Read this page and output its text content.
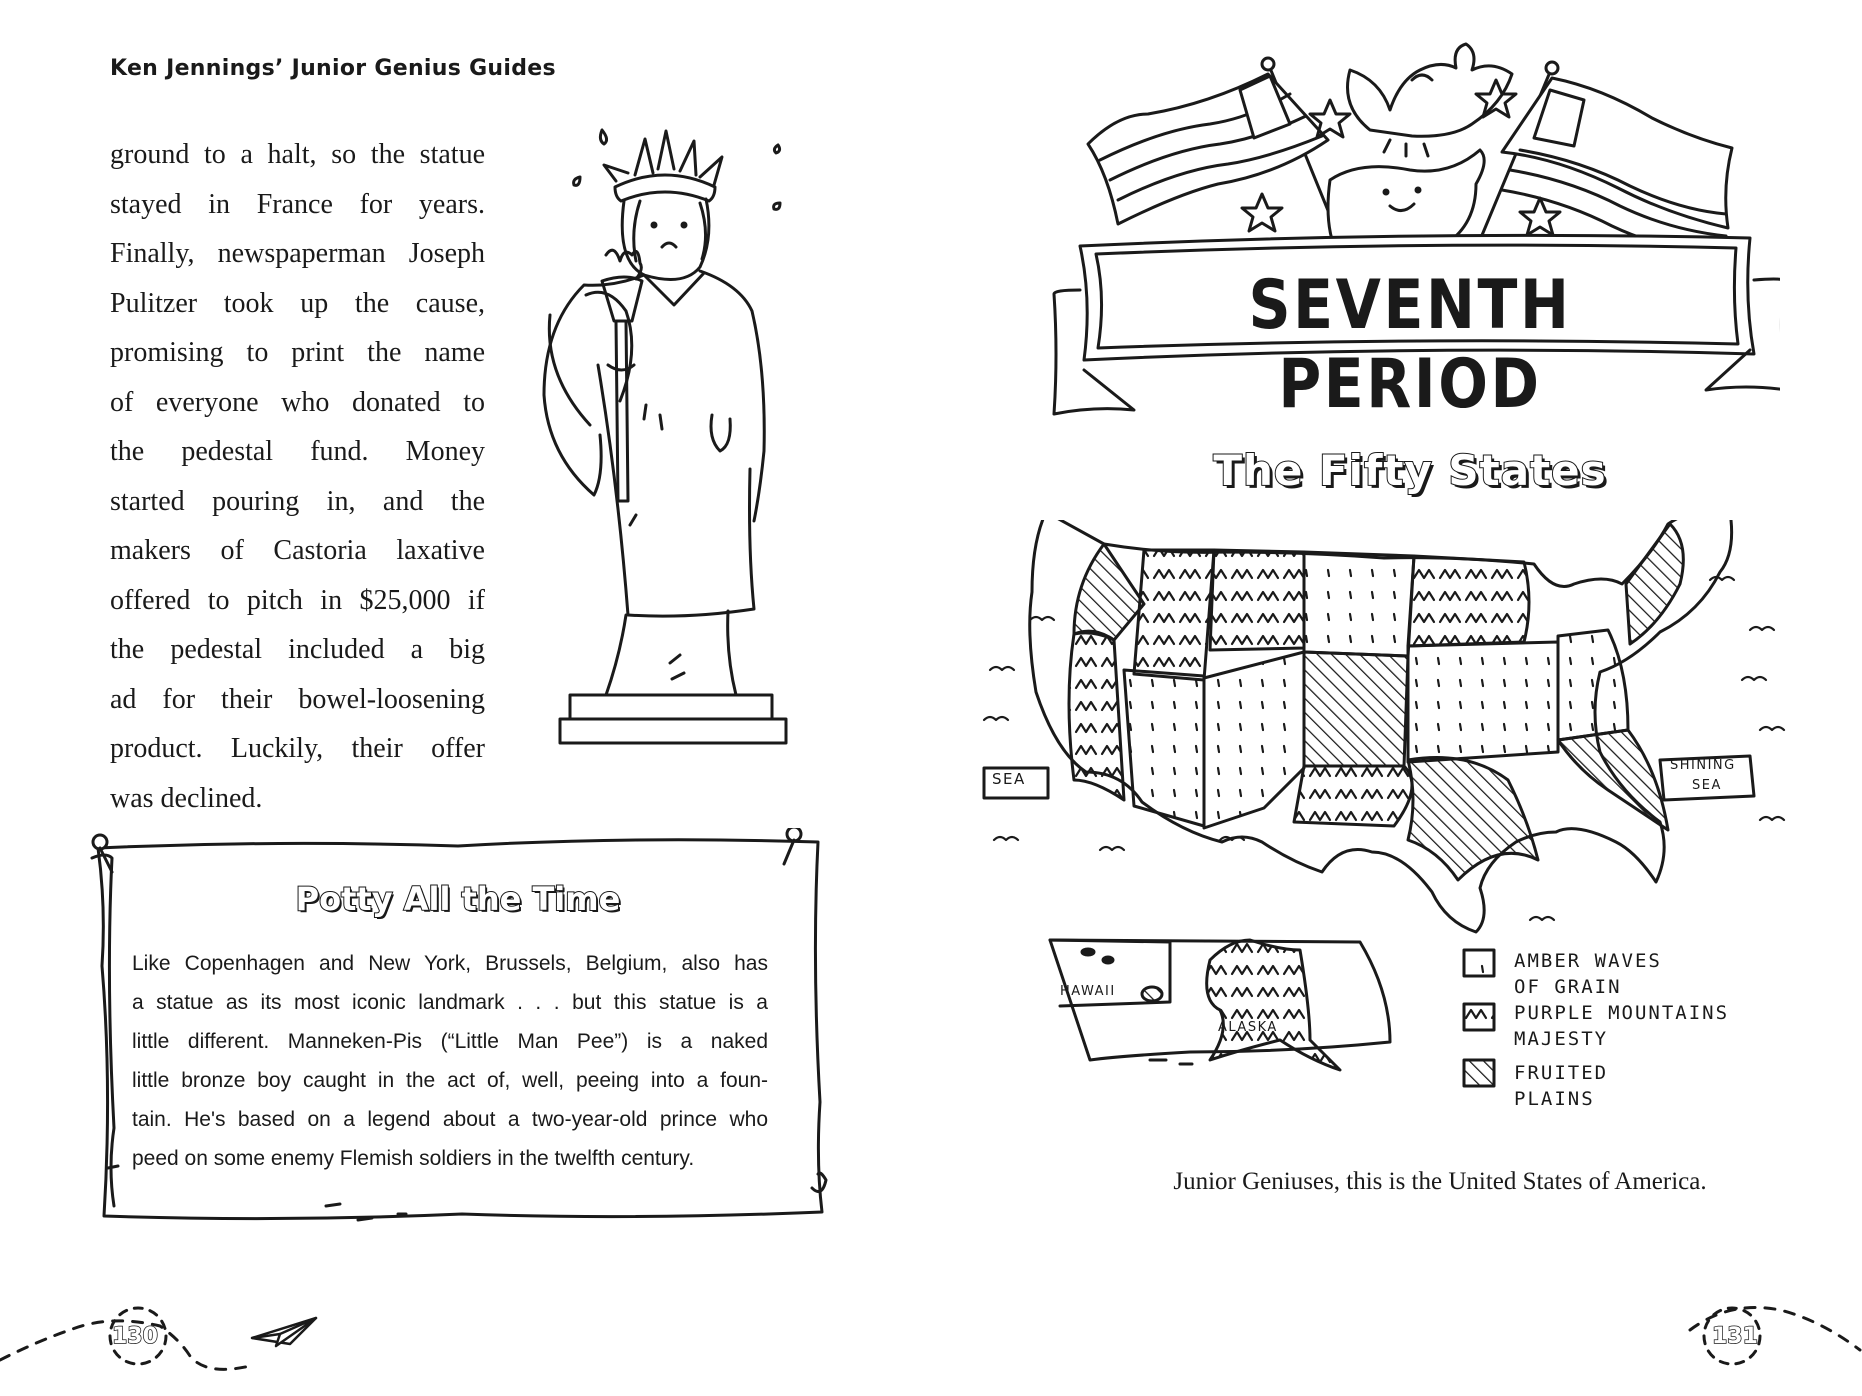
Ken Jennings’ Junior Genius Guides
ground to a halt, so the statue
stayed in France for years.
Finally, newspaperman Joseph
Pulitzer took up the cause,
promising to print the name
of everyone who donated to
the pedestal fund. Money
started pouring in, and the
makers of Castoria laxative
offered to pitch in $25,000 if
the pedestal included a big
ad for their bowel-loosening
product. Luckily, their offer
was declined.
Potty All the Time
Like Copenhagen and New York, Brussels, Belgium, also has
a statue as its most iconic landmark . . . but this statue is a
little different. Manneken-Pis (“Little Man Pee”) is a naked
little bronze boy caught in the act of, well, peeing into a foun-
tain. He's based on a legend about a two-year-old prince who
peed on some enemy Flemish soldiers in the twelfth century.
130
SEVENTH PERIOD
The Fifty States
SEA
SHINING
SEA
HAWAII
ALASKA
AMBER WAVES
OF GRAIN
PURPLE MOUNTAINS
MAJESTY
FRUITED
PLAINS
Junior Geniuses, this is the United States of America.
131
